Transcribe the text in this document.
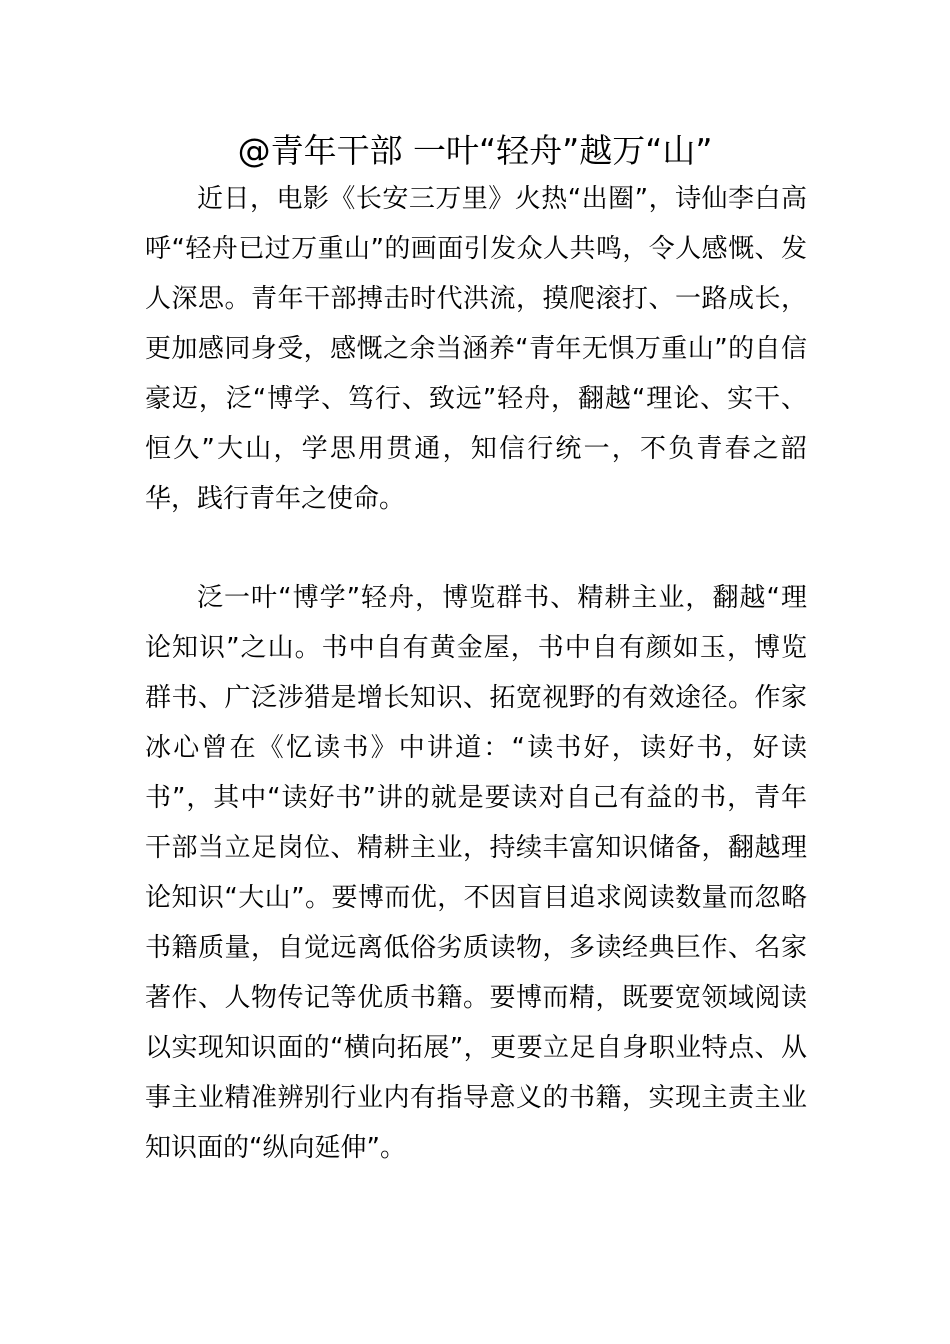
@青年干部 一叶“轻舟”越万“山”

近日，电影《长安三万里》火热“出圈”，诗仙李白高呼“轻舟已过万重山”的画面引发众人共鸣，令人感慨、发人深思。青年干部搏击时代洪流，摸爬滚打、一路成长，更加感同身受，感慨之余当涵养“青年无惧万重山”的自信豪迈，泛“博学、笃行、致远”轻舟，翻越“理论、实干、恒久”大山，学思用贯通，知信行统一，不负青春之韶华，践行青年之使命。

泛一叶“博学”轻舟，博览群书、精耕主业，翻越“理论知识”之山。书中自有黄金屋，书中自有颜如玉，博览群书、广泛涉猎是增长知识、拓宽视野的有效途径。作家冰心曾在《忆读书》中讲道：“读书好，读好书，好读书”，其中“读好书”讲的就是要读对自己有益的书，青年干部当立足岗位、精耕主业，持续丰富知识储备，翻越理论知识“大山”。要博而优，不因盲目追求阅读数量而忽略书籍质量，自觉远离低俗劣质读物，多读经典巨作、名家著作、人物传记等优质书籍。要博而精，既要宽领域阅读以实现知识面的“横向拓展”，更要立足自身职业特点、从事主业精准辨别行业内有指导意义的书籍，实现主责主业知识面的“纵向延伸”。
